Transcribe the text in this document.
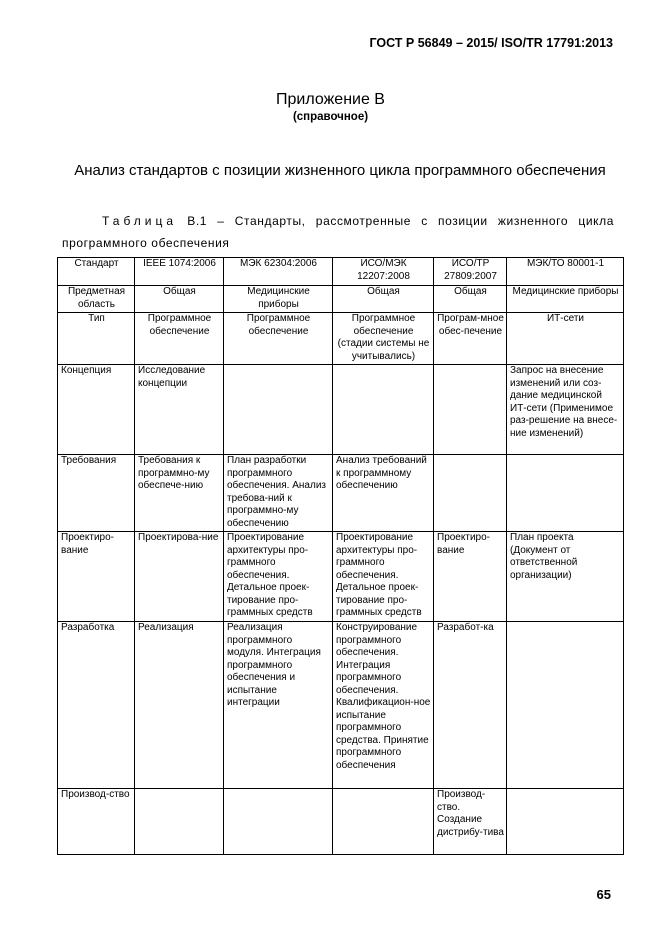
ГОСТ Р 56849 – 2015/ ISO/TR 17791:2013
Приложение В
(справочное)
Анализ стандартов с позиции жизненного цикла программного обеспечения
Таблица В.1 – Стандарты, рассмотренные с позиции жизненного цикла программного обеспечения
Стандарт	IEEE 1074:2006	МЭК 62304:2006	ИСО/МЭК 12207:2008	ИСО/ТР 27809:2007	МЭК/ТО 80001-1
Предметная область	Общая	Медицинские приборы	Общая	Общая	Медицинские приборы
Тип	Программное обеспечение	Программное обеспечение	Программное обеспечение (стадии системы не учитывались)	Програм-мное обес-печение	ИТ-сети
Концепция	Исследование концепции				Запрос на внесение изменений или соз-дание медицинской ИТ-сети (Применимое раз-решение на внесе-ние изменений)
Требования	Требования к программно-му обеспече-нию	План разработки программного обеспечения. Анализ требова-ний к программно-му обеспечению	Анализ требований к программному обеспечению		
Проектиро-вание	Проектирова-ние	Проектирование архитектуры про-граммного обеспечения. Детальное проек-тирование про-граммных средств	Проектирование архитектуры про-граммного обеспечения. Детальное проек-тирование про-граммных средств	Проектиро-вание	План проекта (Документ от ответственной организации)
Разработка	Реализация	Реализация программного модуля. Интеграция программного обеспечения и испытание интеграции	Конструирование программного обеспечения. Интеграция программного обеспечения. Квалификацион-ное испытание программного средства. Принятие программного обеспечения	Разработ-ка	
Производ-ство				Производ-ство. Создание дистрибу-тива	
65
